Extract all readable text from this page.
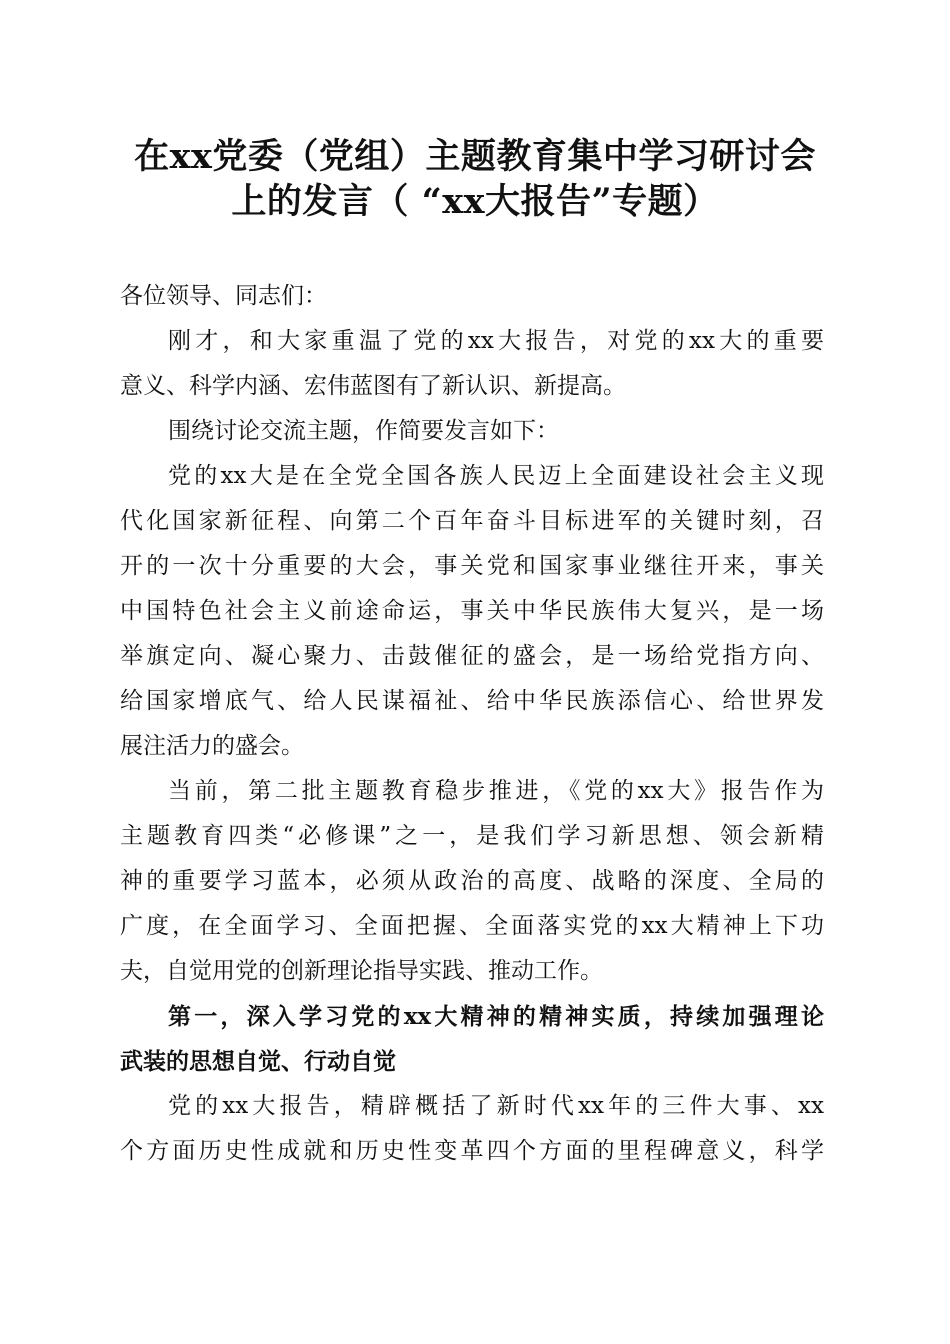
在xx党委（党组）主题教育集中学习研讨会
上的发言（ “xx大报告”专题）
各位领导、同志们：
刚才，和大家重温了党的xx大报告，对党的xx大的重要
意义、科学内涵、宏伟蓝图有了新认识、新提高。
围绕讨论交流主题，作简要发言如下：
党的xx大是在全党全国各族人民迈上全面建设社会主义现
代化国家新征程、向第二个百年奋斗目标进军的关键时刻，召
开的一次十分重要的大会，事关党和国家事业继往开来，事关
中国特色社会主义前途命运，事关中华民族伟大复兴，是一场
举旗定向、凝心聚力、击鼓催征的盛会，是一场给党指方向、
给国家增底气、给人民谋福祉、给中华民族添信心、给世界发
展注活力的盛会。
当前，第二批主题教育稳步推进，《党的xx大》报告作为
主题教育四类“必修课”之一，是我们学习新思想、领会新精
神的重要学习蓝本，必须从政治的高度、战略的深度、全局的
广度，在全面学习、全面把握、全面落实党的xx大精神上下功
夫，自觉用党的创新理论指导实践、推动工作。
第一，深入学习党的xx大精神的精神实质，持续加强理论
武装的思想自觉、行动自觉
党的xx大报告，精辟概括了新时代xx年的三件大事、xx
个方面历史性成就和历史性变革四个方面的里程碑意义，科学
